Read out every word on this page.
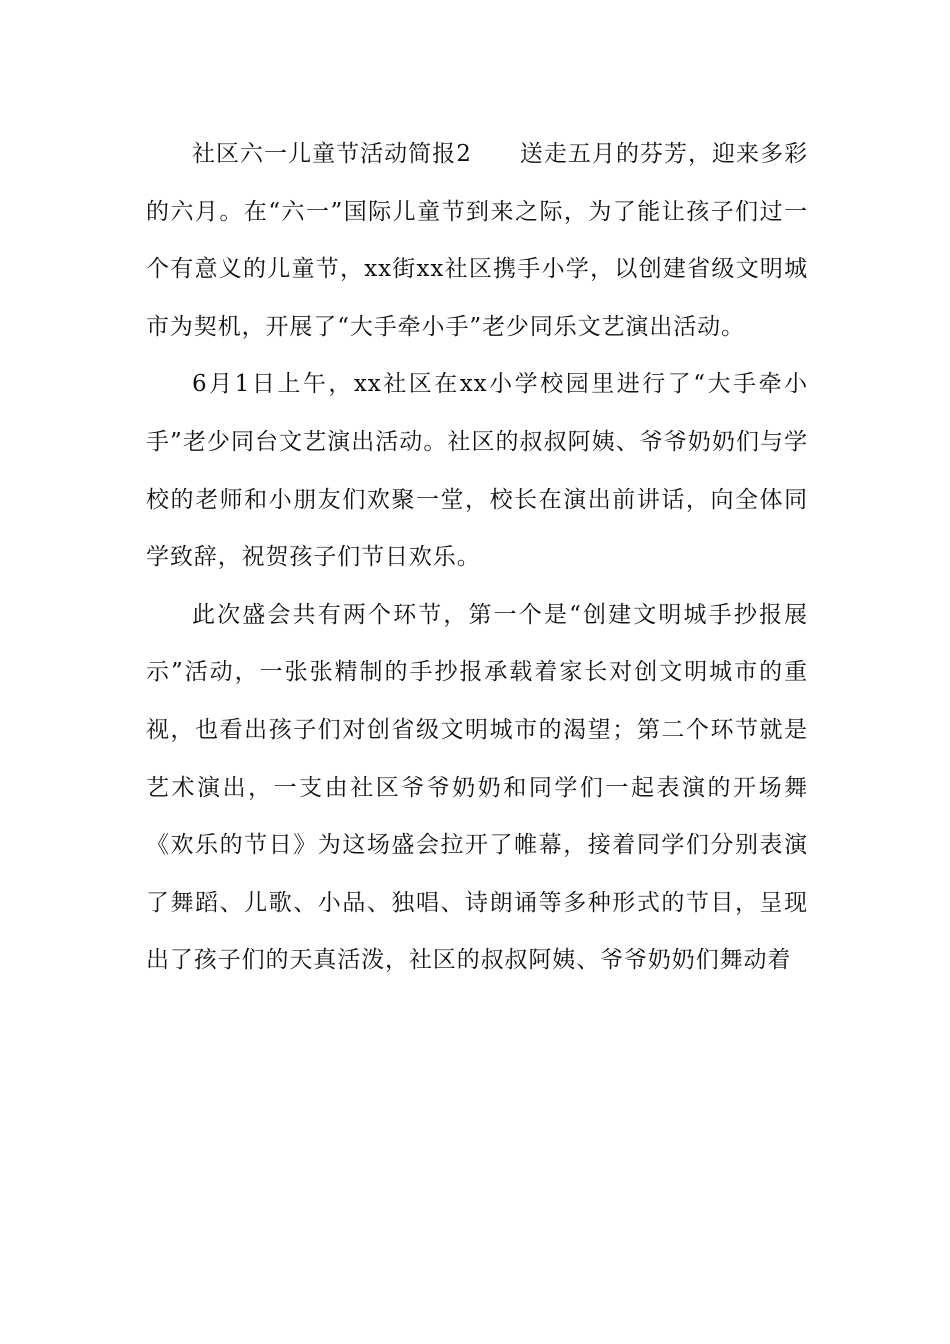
社区六一儿童节活动简报2　　送走五月的芬芳，迎来多彩的六月。在“六一”国际儿童节到来之际，为了能让孩子们过一个有意义的儿童节，xx街xx社区携手小学，以创建省级文明城市为契机，开展了“大手牵小手”老少同乐文艺演出活动。

6月1日上午，xx社区在xx小学校园里进行了“大手牵小手”老少同台文艺演出活动。社区的叔叔阿姨、爷爷奶奶们与学校的老师和小朋友们欢聚一堂，校长在演出前讲话，向全体同学致辞，祝贺孩子们节日欢乐。

此次盛会共有两个环节，第一个是“创建文明城手抄报展示”活动，一张张精制的手抄报承载着家长对创文明城市的重视，也看出孩子们对创省级文明城市的渴望；第二个环节就是艺术演出，一支由社区爷爷奶奶和同学们一起表演的开场舞《欢乐的节日》为这场盛会拉开了帷幕，接着同学们分别表演了舞蹈、儿歌、小品、独唱、诗朗诵等多种形式的节目，呈现出了孩子们的天真活泼，社区的叔叔阿姨、爷爷奶奶们舞动着
